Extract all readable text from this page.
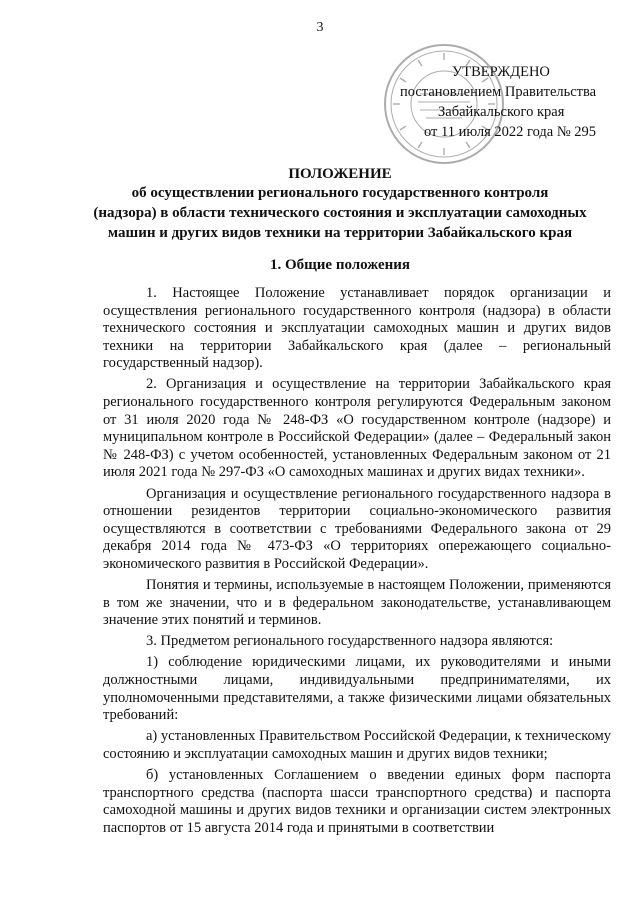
3
УТВЕРЖДЕНО
постановлением Правительства
Забайкальского края
от 11 июля 2022 года № 295
ПОЛОЖЕНИЕ
об осуществлении регионального государственного контроля
(надзора) в области технического состояния и эксплуатации самоходных
машин и других видов техники на территории Забайкальского края
1. Общие положения

1. Настоящее Положение устанавливает порядок организации и осуществления регионального государственного контроля (надзора) в области технического состояния и эксплуатации самоходных машин и других видов техники на территории Забайкальского края (далее – региональный государственный надзор).

2. Организация и осуществление на территории Забайкальского края регионального государственного контроля регулируются Федеральным законом от 31 июля 2020 года № 248-ФЗ «О государственном контроле (надзоре) и муниципальном контроле в Российской Федерации» (далее – Федеральный закон № 248-ФЗ) с учетом особенностей, установленных Федеральным законом от 21 июля 2021 года № 297-ФЗ «О самоходных машинах и других видах техники».

Организация и осуществление регионального государственного надзора в отношении резидентов территории социально-экономического развития осуществляются в соответствии с требованиями Федерального закона от 29 декабря 2014 года № 473-ФЗ «О территориях опережающего социально-экономического развития в Российской Федерации».

Понятия и термины, используемые в настоящем Положении, применяются в том же значении, что и в федеральном законодательстве, устанавливающем значение этих понятий и терминов.

3. Предметом регионального государственного надзора являются:

1) соблюдение юридическими лицами, их руководителями и иными должностными лицами, индивидуальными предпринимателями, их уполномоченными представителями, а также физическими лицами обязательных требований:

а) установленных Правительством Российской Федерации, к техническому состоянию и эксплуатации самоходных машин и других видов техники;

б) установленных Соглашением о введении единых форм паспорта транспортного средства (паспорта шасси транспортного средства) и паспорта самоходной машины и других видов техники и организации систем электронных паспортов от 15 августа 2014 года и принятыми в соответствии
